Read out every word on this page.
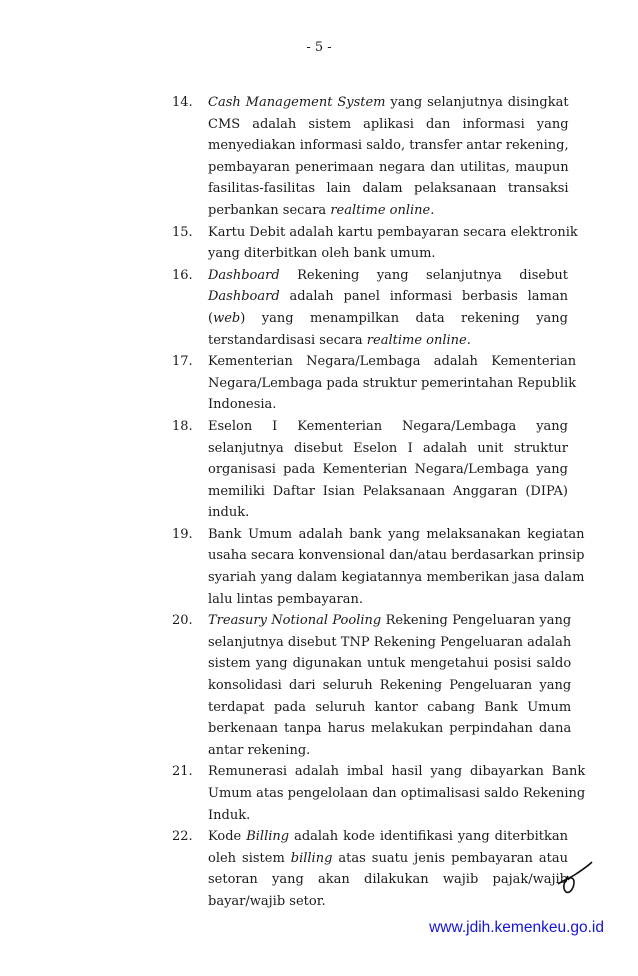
- 5 -
14.	Cash Management System yang selanjutnya disingkat
CMS adalah sistem aplikasi dan informasi yang
menyediakan informasi saldo, transfer antar rekening,
pembayaran penerimaan negara dan utilitas, maupun
fasilitas-fasilitas lain dalam pelaksanaan transaksi
perbankan secara realtime online.
15.	Kartu Debit adalah kartu pembayaran secara elektronik
yang diterbitkan oleh bank umum.
16.	Dashboard Rekening yang selanjutnya disebut
Dashboard adalah panel informasi berbasis laman
(web) yang menampilkan data rekening yang
terstandardisasi secara realtime online.
17.	Kementerian Negara/Lembaga adalah Kementerian
Negara/Lembaga pada struktur pemerintahan Republik
Indonesia.
18.	Eselon I Kementerian Negara/Lembaga yang
selanjutnya disebut Eselon I adalah unit struktur
organisasi pada Kementerian Negara/Lembaga yang
memiliki Daftar Isian Pelaksanaan Anggaran (DIPA)
induk.
19.	Bank Umum adalah bank yang melaksanakan kegiatan
usaha secara konvensional dan/atau berdasarkan prinsip
syariah yang dalam kegiatannya memberikan jasa dalam
lalu lintas pembayaran.
20.	Treasury Notional Pooling Rekening Pengeluaran yang
selanjutnya disebut TNP Rekening Pengeluaran adalah
sistem yang digunakan untuk mengetahui posisi saldo
konsolidasi dari seluruh Rekening Pengeluaran yang
terdapat pada seluruh kantor cabang Bank Umum
berkenaan tanpa harus melakukan perpindahan dana
antar rekening.
21.	Remunerasi adalah imbal hasil yang dibayarkan Bank
Umum atas pengelolaan dan optimalisasi saldo Rekening
Induk.
22.	Kode Billing adalah kode identifikasi yang diterbitkan
oleh sistem billing atas suatu jenis pembayaran atau
setoran yang akan dilakukan wajib pajak/wajib
bayar/wajib setor.
www.jdih.kemenkeu.go.id
